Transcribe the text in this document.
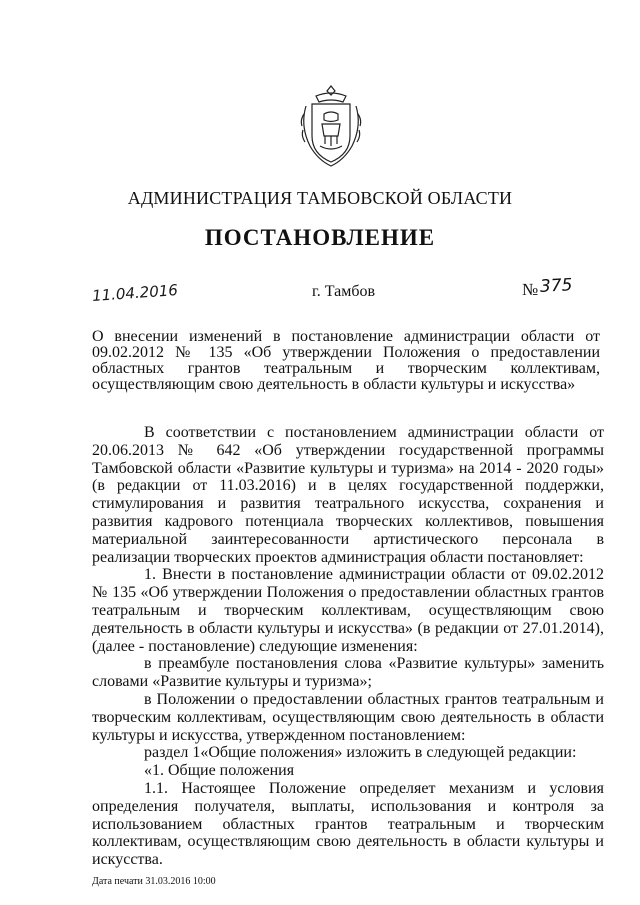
АДМИНИСТРАЦИЯ ТАМБОВСКОЙ ОБЛАСТИ
ПОСТАНОВЛЕНИЕ
11.04.2016	г. Тамбов	№ 375
О внесении изменений в постановление администрации области от 09.02.2012 № 135 «Об утверждении Положения о предоставлении областных грантов театральным и творческим коллективам, осуществляющим свою деятельность в области культуры и искусства»

В соответствии с постановлением администрации области от 20.06.2013 № 642 «Об утверждении государственной программы Тамбовской области «Развитие культуры и туризма» на 2014 - 2020 годы» (в редакции от 11.03.2016) и в целях государственной поддержки, стимулирования и развития театрального искусства, сохранения и развития кадрового потенциала творческих коллективов, повышения материальной заинтересованности артистического персонала в реализации творческих проектов администрация области постановляет:

1. Внести в постановление администрации области от 09.02.2012 № 135 «Об утверждении Положения о предоставлении областных грантов театральным и творческим коллективам, осуществляющим свою деятельность в области культуры и искусства» (в редакции от 27.01.2014), (далее - постановление) следующие изменения:

в преамбуле постановления слова «Развитие культуры» заменить словами «Развитие культуры и туризма»;

в Положении о предоставлении областных грантов театральным и творческим коллективам, осуществляющим свою деятельность в области культуры и искусства, утвержденном постановлением:

раздел 1«Общие положения» изложить в следующей редакции:

«1. Общие положения

1.1. Настоящее Положение определяет механизм и условия определения получателя, выплаты, использования и контроля за использованием областных грантов театральным и творческим коллективам, осуществляющим свою деятельность в области культуры и искусства.

Дата печати 31.03.2016 10:00
